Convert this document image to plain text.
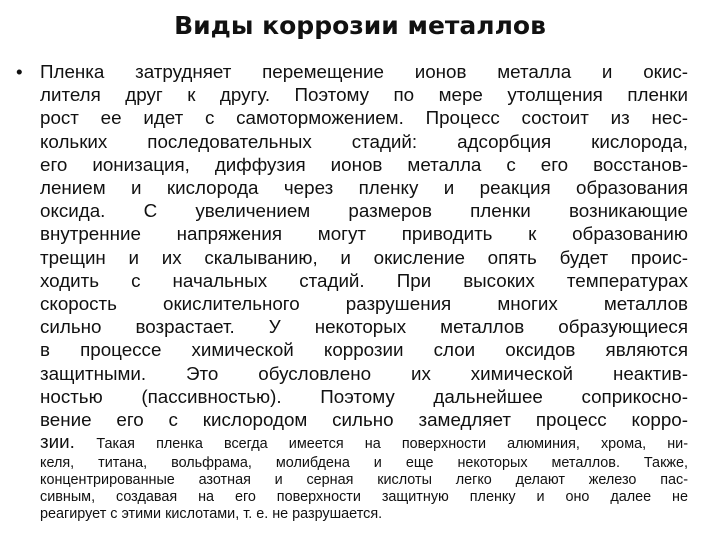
Виды коррозии металлов
• Пленка затрудняет перемещение ионов металла и окис-
лителя друг к другу. Поэтому по мере утолщения пленки
рост ее идет с самоторможением. Процесс состоит из нес-
кольких последовательных стадий: адсорбция кислорода,
его ионизация, диффузия ионов металла с его восстанов-
лением и кислорода через пленку и реакция образования
оксида. С увеличением размеров пленки возникающие
внутренние напряжения могут приводить к образованию
трещин и их скалыванию, и окисление опять будет проис-
ходить с начальных стадий. При высоких температурах
скорость окислительного разрушения многих металлов
сильно возрастает. У некоторых металлов образующиеся
в процессе химической коррозии слои оксидов являются
защитными. Это обусловлено их химической неактив-
ностью (пассивностью). Поэтому дальнейшее соприкосно-
вение его с кислородом сильно замедляет процесс корро-
зии. Такая пленка всегда имеется на поверхности алюминия, хрома, ни-
келя, титана, вольфрама, молибдена и еще некоторых металлов. Также,
концентрированные азотная и серная кислоты легко делают железо пас-
сивным, создавая на его поверхности защитную пленку и оно далее не
реагирует с этими кислотами, т. е. не разрушается.
